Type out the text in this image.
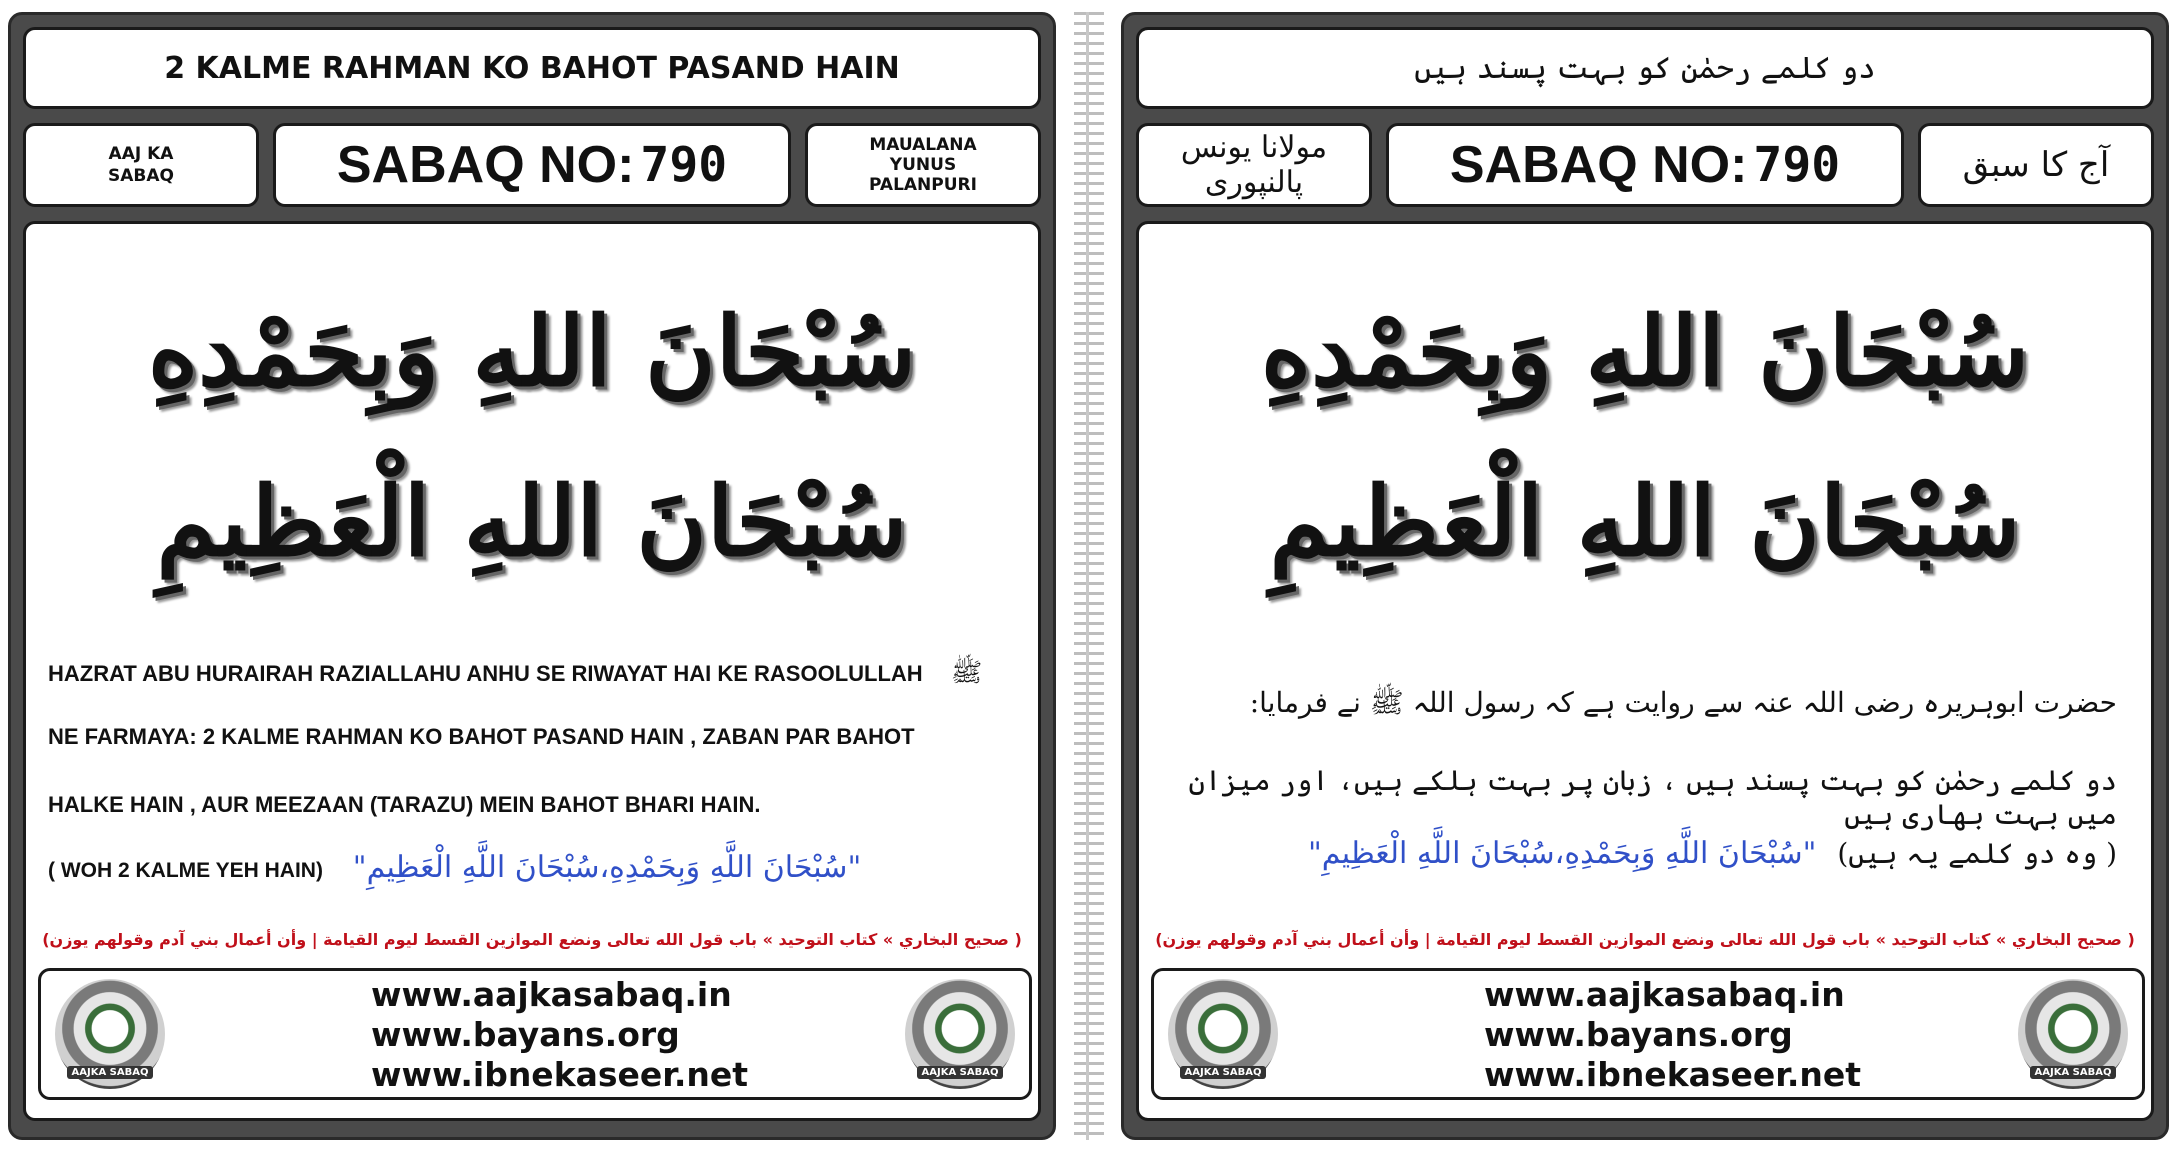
2 KALME RAHMAN KO BAHOT PASAND HAIN
AAJ KA
SABAQ	SABAQ NO: 790	MAUALANA
YUNUS
PALANPURI
سُبْحَانَ اللهِ وَبِحَمْدِهِ
سُبْحَانَ اللهِ الْعَظِيمِ
HAZRAT ABU HURAIRAH RAZIALLAHU ANHU SE RIWAYAT HAI KE RASOOLULLAH ﷺ
NE FARMAYA: 2 KALME RAHMAN KO BAHOT PASAND HAIN , ZABAN PAR BAHOT
HALKE HAIN , AUR MEEZAAN (TARAZU) MEIN BAHOT BHARI HAIN.
( WOH 2 KALME YEH HAIN) "سُبْحَانَ اللَّهِ وَبِحَمْدِهِ،سُبْحَانَ اللَّهِ الْعَظِيمِ"
( صحيح البخاري » كتاب التوحيد » باب قول الله تعالى ونضع الموازين القسط ليوم القيامة | وأن أعمال بني آدم وقولهم يوزن)
AAJKA SABAQ
www.aajkasabaq.in
www.bayans.org
www.ibnekaseer.net	AAJKA SABAQ
دو کلمے رحمٰن کو بہت پسند ہیں
مولانا یونس پالنپوری	SABAQ NO: 790	آج کا سبق
سُبْحَانَ اللهِ وَبِحَمْدِهِ
سُبْحَانَ اللهِ الْعَظِيمِ
حضرت ابوہریرہ رضی اللہ عنہ سے روایت ہے کہ رسول اللہ ﷺ نے فرمایا:
دو کلمے رحمٰن کو بہت پسند ہیں ، زبان پر بہت ہلکے ہیں، اور میزان میں بہت بھاری ہیں
( وہ دو کلمے یہ ہیں) "سُبْحَانَ اللَّهِ وَبِحَمْدِهِ،سُبْحَانَ اللَّهِ الْعَظِيمِ"
( صحيح البخاري » كتاب التوحيد » باب قول الله تعالى ونضع الموازين القسط ليوم القيامة | وأن أعمال بني آدم وقولهم يوزن)
AAJKA SABAQ
www.aajkasabaq.in
www.bayans.org
www.ibnekaseer.net	AAJKA SABAQ
